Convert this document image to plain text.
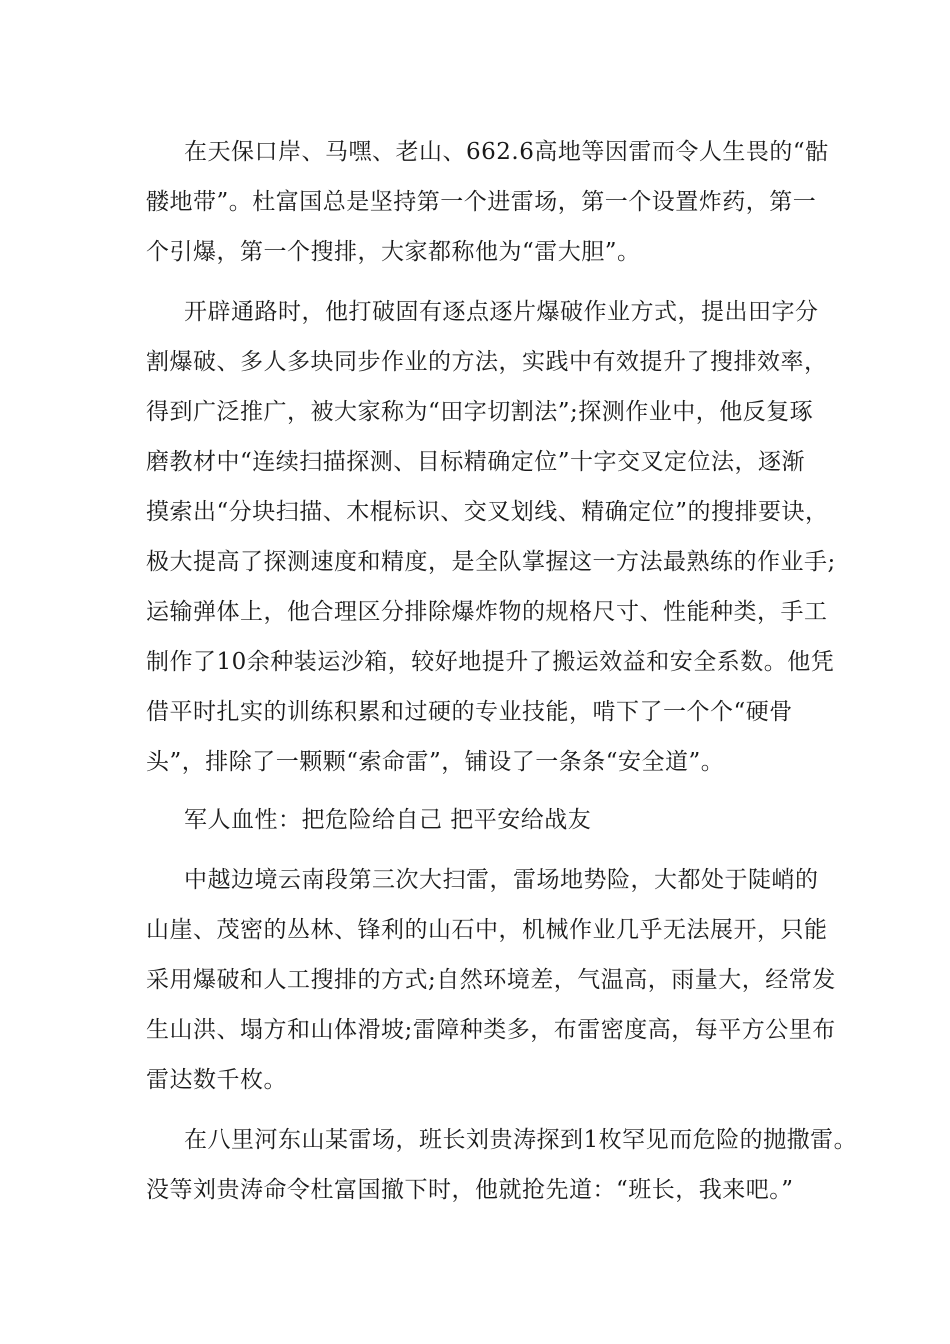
在天保口岸、马嘿、老山、662.6高地等因雷而令人生畏的“骷
髅地带”。杜富国总是坚持第一个进雷场，第一个设置炸药，第一
个引爆，第一个搜排，大家都称他为“雷大胆”。
开辟通路时，他打破固有逐点逐片爆破作业方式，提出田字分
割爆破、多人多块同步作业的方法，实践中有效提升了搜排效率，
得到广泛推广，被大家称为“田字切割法”;探测作业中，他反复琢
磨教材中“连续扫描探测、目标精确定位”十字交叉定位法，逐渐
摸索出“分块扫描、木棍标识、交叉划线、精确定位”的搜排要诀，
极大提高了探测速度和精度，是全队掌握这一方法最熟练的作业手;
运输弹体上，他合理区分排除爆炸物的规格尺寸、性能种类，手工
制作了10余种装运沙箱，较好地提升了搬运效益和安全系数。他凭
借平时扎实的训练积累和过硬的专业技能，啃下了一个个“硬骨
头”，排除了一颗颗“索命雷”，铺设了一条条“安全道”。
军人血性：把危险给自己 把平安给战友
中越边境云南段第三次大扫雷，雷场地势险，大都处于陡峭的
山崖、茂密的丛林、锋利的山石中，机械作业几乎无法展开，只能
采用爆破和人工搜排的方式;自然环境差，气温高，雨量大，经常发
生山洪、塌方和山体滑坡;雷障种类多，布雷密度高，每平方公里布
雷达数千枚。
在八里河东山某雷场，班长刘贵涛探到1枚罕见而危险的抛撒雷。
没等刘贵涛命令杜富国撤下时，他就抢先道：“班长，我来吧。”
